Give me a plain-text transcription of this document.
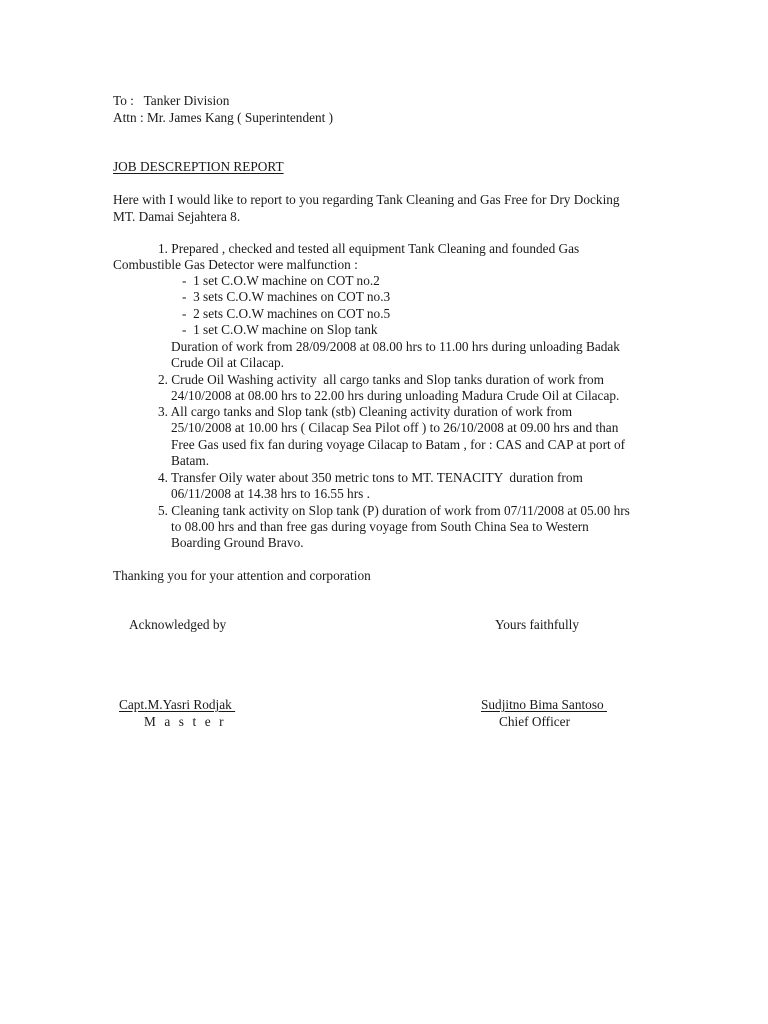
To :   Tanker Division
Attn : Mr. James Kang ( Superintendent )
JOB DESCREPTION REPORT
Here with I would like to report to you regarding Tank Cleaning and Gas Free for Dry Docking
MT. Damai Sejahtera 8.
1. Prepared , checked and tested all equipment Tank Cleaning and founded Gas
Combustible Gas Detector were malfunction :
-  1 set C.O.W machine on COT no.2
-  3 sets C.O.W machines on COT no.3
-  2 sets C.O.W machines on COT no.5
-  1 set C.O.W machine on Slop tank
Duration of work from 28/09/2008 at 08.00 hrs to 11.00 hrs during unloading Badak
Crude Oil at Cilacap.
2. Crude Oil Washing activity  all cargo tanks and Slop tanks duration of work from
24/10/2008 at 08.00 hrs to 22.00 hrs during unloading Madura Crude Oil at Cilacap.
3. All cargo tanks and Slop tank (stb) Cleaning activity duration of work from
25/10/2008 at 10.00 hrs ( Cilacap Sea Pilot off ) to 26/10/2008 at 09.00 hrs and than
Free Gas used fix fan during voyage Cilacap to Batam , for : CAS and CAP at port of
Batam.
4. Transfer Oily water about 350 metric tons to MT. TENACITY  duration from
06/11/2008 at 14.38 hrs to 16.55 hrs .
5. Cleaning tank activity on Slop tank (P) duration of work from 07/11/2008 at 05.00 hrs
to 08.00 hrs and than free gas during voyage from South China Sea to Western
Boarding Ground Bravo.
Thanking you for your attention and corporation
Acknowledged by	Yours faithfully
Capt.M.Yasri Rodjak
M a s t e r
Sudjitno Bima Santoso
Chief Officer
